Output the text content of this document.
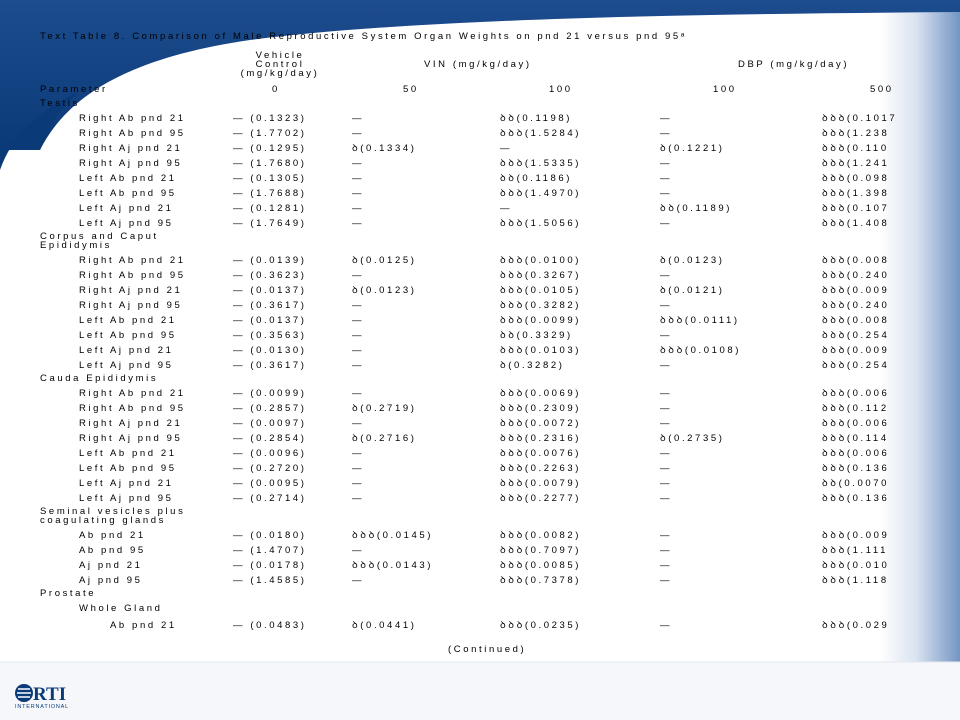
Text Table 8. Comparison of Male Reproductive System Organ Weights on pnd 21 versus pnd 95ᵃ
Vehicle
Control
(mg/kg/day)
VIN (mg/kg/day)	DBP (mg/kg/day)
Parameter	0	50	100	100	500
Testis
Right Ab pnd 21	— (0.1323)	—	ꝺꝺ(0.1198)	—	ꝺꝺꝺ(0.1017
Right Ab pnd 95	— (1.7702)	—	ꝺꝺꝺ(1.5284)	—	ꝺꝺꝺ(1.238
Right Aj pnd 21	— (0.1295)	ꝺ(0.1334)	—	ꝺ(0.1221)	ꝺꝺꝺ(0.110
Right Aj pnd 95	— (1.7680)	—	ꝺꝺꝺ(1.5335)	—	ꝺꝺꝺ(1.241
Left Ab pnd 21	— (0.1305)	—	ꝺꝺ(0.1186)	—	ꝺꝺꝺ(0.098
Left Ab pnd 95	— (1.7688)	—	ꝺꝺꝺ(1.4970)	—	ꝺꝺꝺ(1.398
Left Aj pnd 21	— (0.1281)	—	—	ꝺꝺ(0.1189)	ꝺꝺꝺ(0.107
Left Aj pnd 95	— (1.7649)	—	ꝺꝺꝺ(1.5056)	—	ꝺꝺꝺ(1.408
Corpus and Caput
Epididymis
Right Ab pnd 21	— (0.0139)	ꝺ(0.0125)	ꝺꝺꝺ(0.0100)	ꝺ(0.0123)	ꝺꝺꝺ(0.008
Right Ab pnd 95	— (0.3623)	—	ꝺꝺꝺ(0.3267)	—	ꝺꝺꝺ(0.240
Right Aj pnd 21	— (0.0137)	ꝺ(0.0123)	ꝺꝺꝺ(0.0105)	ꝺ(0.0121)	ꝺꝺꝺ(0.009
Right Aj pnd 95	— (0.3617)	—	ꝺꝺꝺ(0.3282)	—	ꝺꝺꝺ(0.240
Left Ab pnd 21	— (0.0137)	—	ꝺꝺꝺ(0.0099)	ꝺꝺꝺ(0.0111)	ꝺꝺꝺ(0.008
Left Ab pnd 95	— (0.3563)	—	ꝺꝺ(0.3329)	—	ꝺꝺꝺ(0.254
Left Aj pnd 21	— (0.0130)	—	ꝺꝺꝺ(0.0103)	ꝺꝺꝺ(0.0108)	ꝺꝺꝺ(0.009
Left Aj pnd 95	— (0.3617)	—	ꝺ(0.3282)	—	ꝺꝺꝺ(0.254
Cauda Epididymis
Right Ab pnd 21	— (0.0099)	—	ꝺꝺꝺ(0.0069)	—	ꝺꝺꝺ(0.006
Right Ab pnd 95	— (0.2857)	ꝺ(0.2719)	ꝺꝺꝺ(0.2309)	—	ꝺꝺꝺ(0.112
Right Aj pnd 21	— (0.0097)	—	ꝺꝺꝺ(0.0072)	—	ꝺꝺꝺ(0.006
Right Aj pnd 95	— (0.2854)	ꝺ(0.2716)	ꝺꝺꝺ(0.2316)	ꝺ(0.2735)	ꝺꝺꝺ(0.114
Left Ab pnd 21	— (0.0096)	—	ꝺꝺꝺ(0.0076)	—	ꝺꝺꝺ(0.006
Left Ab pnd 95	— (0.2720)	—	ꝺꝺꝺ(0.2263)	—	ꝺꝺꝺ(0.136
Left Aj pnd 21	— (0.0095)	—	ꝺꝺꝺ(0.0079)	—	ꝺꝺ(0.0070
Left Aj pnd 95	— (0.2714)	—	ꝺꝺꝺ(0.2277)	—	ꝺꝺꝺ(0.136
Seminal vesicles plus
coagulating glands
Ab pnd 21	— (0.0180)	ꝺꝺꝺ(0.0145)	ꝺꝺꝺ(0.0082)	—	ꝺꝺꝺ(0.009
Ab pnd 95	— (1.4707)	—	ꝺꝺꝺ(0.7097)	—	ꝺꝺꝺ(1.111
Aj pnd 21	— (0.0178)	ꝺꝺꝺ(0.0143)	ꝺꝺꝺ(0.0085)	—	ꝺꝺꝺ(0.010
Aj pnd 95	— (1.4585)	—	ꝺꝺꝺ(0.7378)	—	ꝺꝺꝺ(1.118
Prostate
Whole Gland
Ab pnd 21	— (0.0483)	ꝺ(0.0441)	ꝺꝺꝺ(0.0235)	—	ꝺꝺꝺ(0.029
(Continued)
RTI
INTERNATIONAL
